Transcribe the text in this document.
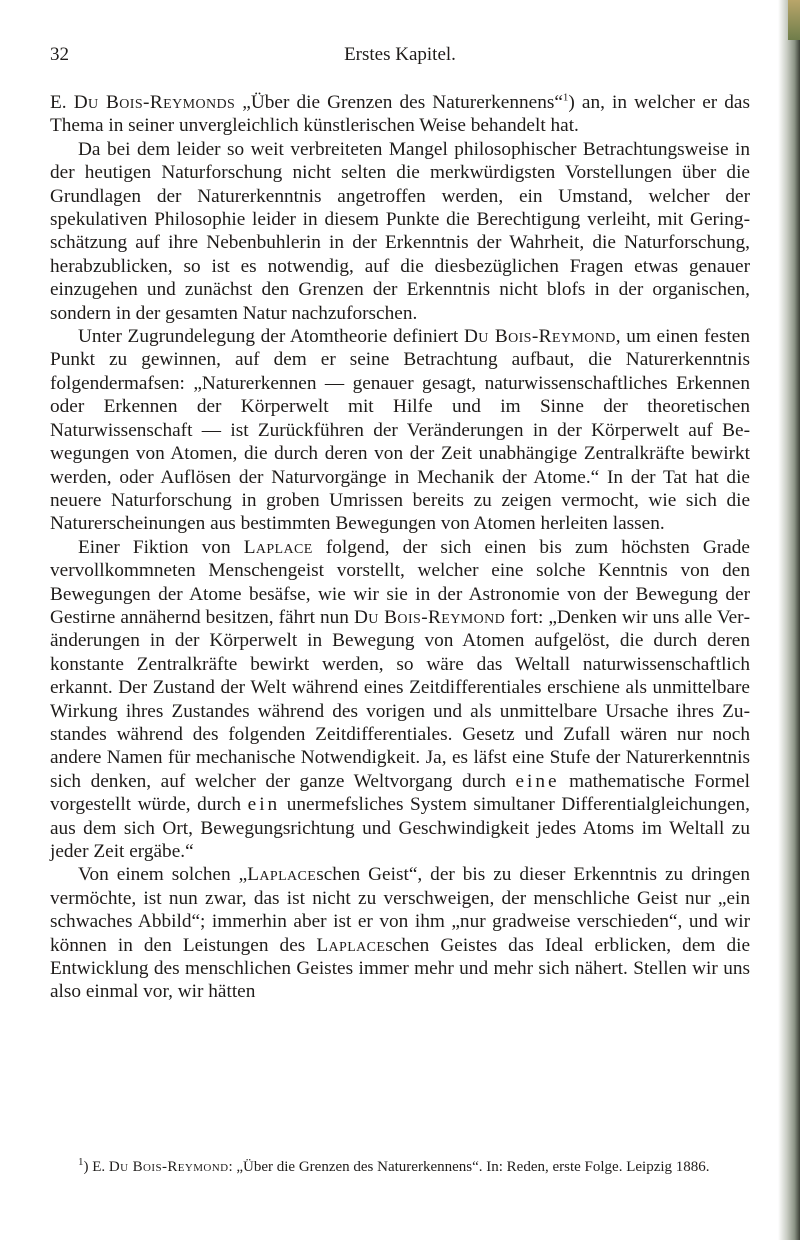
32	Erstes Kapitel.

E. Du Bois-Reymonds „Über die Grenzen des Naturerkennens“$^1$) an, in welcher er das Thema in seiner unvergleichlich künstlerischen Weise behandelt hat.

Da bei dem leider so weit verbreiteten Mangel philosophischer Betrachtungsweise in der heutigen Naturforschung nicht selten die merkwürdigsten Vorstellungen über die Grundlagen der Naturerkenntnis angetroffen werden, ein Umstand, welcher der spekulativen Philosophie leider in diesem Punkte die Berechtigung verleiht, mit Geringschätzung auf ihre Nebenbuhlerin in der Erkenntnis der Wahrheit, die Naturforschung, herabzublicken, so ist es notwendig, auf die diesbezüglichen Fragen etwas genauer einzugehen und zunächst den Grenzen der Erkenntnis nicht blofs in der organischen, sondern in der gesamten Natur nachzuforschen.

Unter Zugrundelegung der Atomtheorie definiert Du Bois-Reymond, um einen festen Punkt zu gewinnen, auf dem er seine Betrachtung aufbaut, die Naturerkenntnis folgendermafsen: „Naturerkennen — genauer gesagt, naturwissenschaftliches Erkennen oder Erkennen der Körperwelt mit Hilfe und im Sinne der theoretischen Naturwissenschaft — ist Zurückführen der Veränderungen in der Körperwelt auf Bewegungen von Atomen, die durch deren von der Zeit unabhängige Zentralkräfte bewirkt werden, oder Auflösen der Naturvorgänge in Mechanik der Atome.“ In der Tat hat die neuere Naturforschung in groben Umrissen bereits zu zeigen vermocht, wie sich die Naturerscheinungen aus bestimmten Bewegungen von Atomen herleiten lassen.

Einer Fiktion von Laplace folgend, der sich einen bis zum höchsten Grade vervollkommneten Menschengeist vorstellt, welcher eine solche Kenntnis von den Bewegungen der Atome besäfse, wie wir sie in der Astronomie von der Bewegung der Gestirne annähernd besitzen, fährt nun Du Bois-Reymond fort: „Denken wir uns alle Veränderungen in der Körperwelt in Bewegung von Atomen aufgelöst, die durch deren konstante Zentralkräfte bewirkt werden, so wäre das Weltall naturwissenschaftlich erkannt. Der Zustand der Welt während eines Zeitdifferentiales erschiene als unmittelbare Wirkung ihres Zustandes während des vorigen und als unmittelbare Ursache ihres Zustandes während des folgenden Zeitdifferentiales. Gesetz und Zufall wären nur noch andere Namen für mechanische Notwendigkeit. Ja, es läfst eine Stufe der Naturerkenntnis sich denken, auf welcher der ganze Weltvorgang durch eine mathematische Formel vorgestellt würde, durch ein unermefsliches System simultaner Differentialgleichungen, aus dem sich Ort, Bewegungsrichtung und Geschwindigkeit jedes Atoms im Weltall zu jeder Zeit ergäbe.“

Von einem solchen „Laplaceschen Geist“, der bis zu dieser Erkenntnis zu dringen vermöchte, ist nun zwar, das ist nicht zu verschweigen, der menschliche Geist nur „ein schwaches Abbild“; immerhin aber ist er von ihm „nur gradweise verschieden“, und wir können in den Leistungen des Laplaceschen Geistes das Ideal erblicken, dem die Entwicklung des menschlichen Geistes immer mehr und mehr sich nähert. Stellen wir uns also einmal vor, wir hätten

$^1$) E. Du Bois-Reymond: „Über die Grenzen des Naturerkennens“. In: Reden, erste Folge. Leipzig 1886.
